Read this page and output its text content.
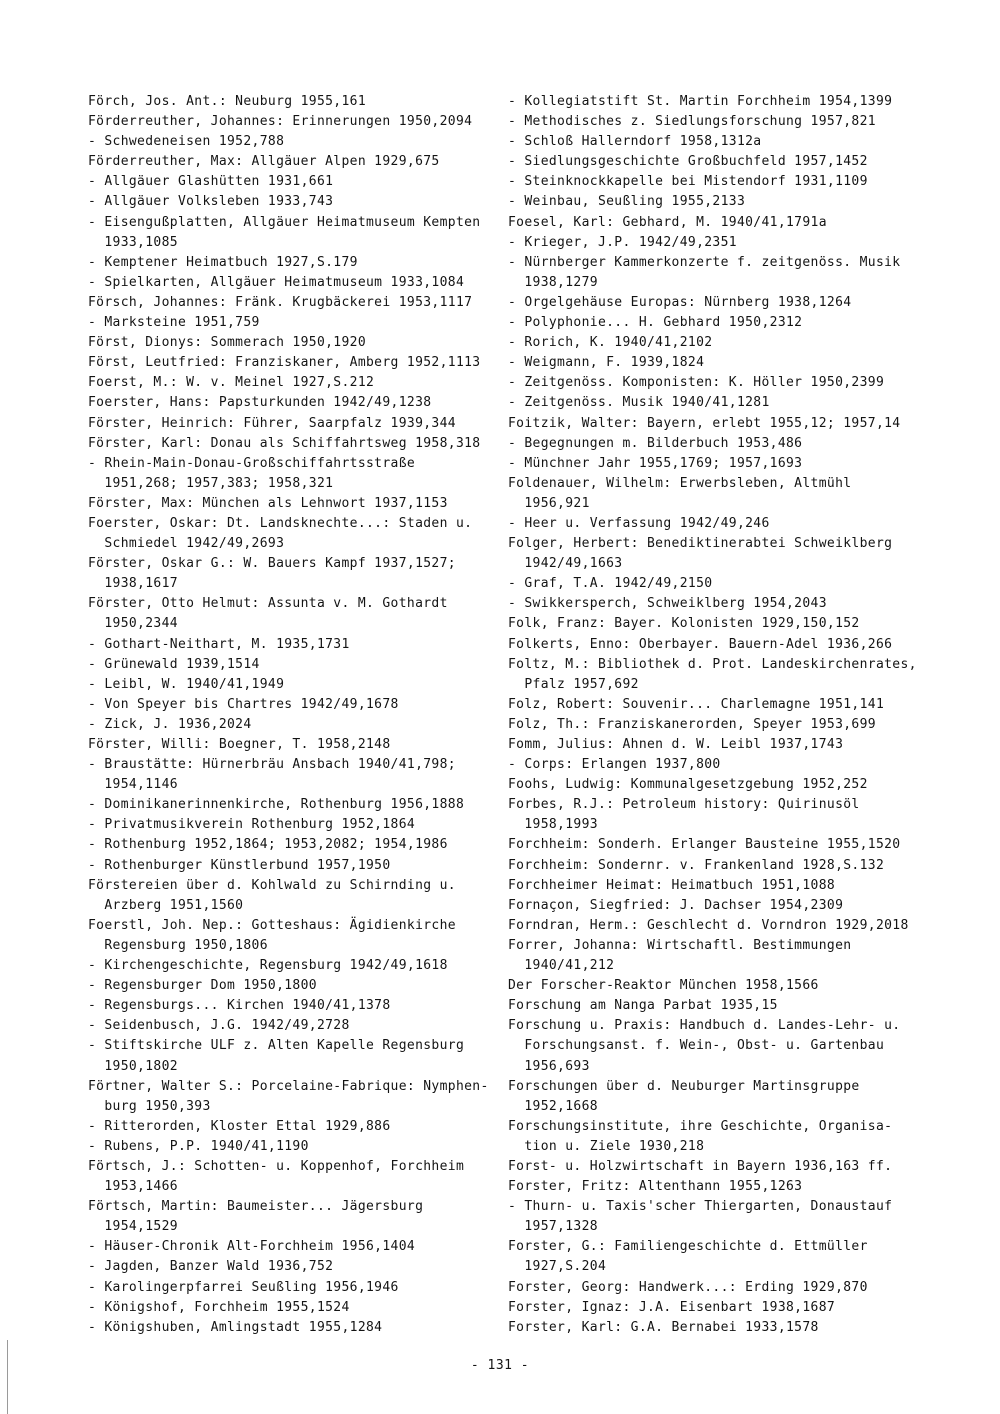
Förch, Jos. Ant.: Neuburg 1955,161
Förderreuther, Johannes: Erinnerungen 1950,2094
- Schwedeneisen 1952,788
Förderreuther, Max: Allgäuer Alpen 1929,675
- Allgäuer Glashütten 1931,661
- Allgäuer Volksleben 1933,743
- Eisengußplatten, Allgäuer Heimatmuseum Kempten
1933,1085
- Kemptener Heimatbuch 1927,S.179
- Spielkarten, Allgäuer Heimatmuseum 1933,1084
Försch, Johannes: Fränk. Krugbäckerei 1953,1117
- Marksteine 1951,759
Först, Dionys: Sommerach 1950,1920
Först, Leutfried: Franziskaner, Amberg 1952,1113
Foerst, M.: W. v. Meinel 1927,S.212
Foerster, Hans: Papsturkunden 1942/49,1238
Förster, Heinrich: Führer, Saarpfalz 1939,344
Förster, Karl: Donau als Schiffahrtsweg 1958,318
- Rhein-Main-Donau-Großschiffahrtsstraße
1951,268; 1957,383; 1958,321
Förster, Max: München als Lehnwort 1937,1153
Foerster, Oskar: Dt. Landsknechte...: Staden u.
Schmiedel 1942/49,2693
Förster, Oskar G.: W. Bauers Kampf 1937,1527;
1938,1617
Förster, Otto Helmut: Assunta v. M. Gothardt
1950,2344
- Gothart-Neithart, M. 1935,1731
- Grünewald 1939,1514
- Leibl, W. 1940/41,1949
- Von Speyer bis Chartres 1942/49,1678
- Zick, J. 1936,2024
Förster, Willi: Boegner, T. 1958,2148
- Braustätte: Hürnerbräu Ansbach 1940/41,798;
1954,1146
- Dominikanerinnenkirche, Rothenburg 1956,1888
- Privatmusikverein Rothenburg 1952,1864
- Rothenburg 1952,1864; 1953,2082; 1954,1986
- Rothenburger Künstlerbund 1957,1950
Förstereien über d. Kohlwald zu Schirnding u.
Arzberg 1951,1560
Foerstl, Joh. Nep.: Gotteshaus: Ägidienkirche
Regensburg 1950,1806
- Kirchengeschichte, Regensburg 1942/49,1618
- Regensburger Dom 1950,1800
- Regensburgs... Kirchen 1940/41,1378
- Seidenbusch, J.G. 1942/49,2728
- Stiftskirche ULF z. Alten Kapelle Regensburg
1950,1802
Förtner, Walter S.: Porcelaine-Fabrique: Nymphen-
burg 1950,393
- Ritterorden, Kloster Ettal 1929,886
- Rubens, P.P. 1940/41,1190
Förtsch, J.: Schotten- u. Koppenhof, Forchheim
1953,1466
Förtsch, Martin: Baumeister... Jägersburg
1954,1529
- Häuser-Chronik Alt-Forchheim 1956,1404
- Jagden, Banzer Wald 1936,752
- Karolingerpfarrei Seußling 1956,1946
- Königshof, Forchheim 1955,1524
- Königshuben, Amlingstadt 1955,1284
- Kollegiatstift St. Martin Forchheim 1954,1399
- Methodisches z. Siedlungsforschung 1957,821
- Schloß Hallerndorf 1958,1312a
- Siedlungsgeschichte Großbuchfeld 1957,1452
- Steinknockkapelle bei Mistendorf 1931,1109
- Weinbau, Seußling 1955,2133
Foesel, Karl: Gebhard, M. 1940/41,1791a
- Krieger, J.P. 1942/49,2351
- Nürnberger Kammerkonzerte f. zeitgenöss. Musik
1938,1279
- Orgelgehäuse Europas: Nürnberg 1938,1264
- Polyphonie... H. Gebhard 1950,2312
- Rorich, K. 1940/41,2102
- Weigmann, F. 1939,1824
- Zeitgenöss. Komponisten: K. Höller 1950,2399
- Zeitgenöss. Musik 1940/41,1281
Foitzik, Walter: Bayern, erlebt 1955,12; 1957,14
- Begegnungen m. Bilderbuch 1953,486
- Münchner Jahr 1955,1769; 1957,1693
Foldenauer, Wilhelm: Erwerbsleben, Altmühl
1956,921
- Heer u. Verfassung 1942/49,246
Folger, Herbert: Benediktinerabtei Schweiklberg
1942/49,1663
- Graf, T.A. 1942/49,2150
- Swikkersperch, Schweiklberg 1954,2043
Folk, Franz: Bayer. Kolonisten 1929,150,152
Folkerts, Enno: Oberbayer. Bauern-Adel 1936,266
Foltz, M.: Bibliothek d. Prot. Landeskirchenrates,
Pfalz 1957,692
Folz, Robert: Souvenir... Charlemagne 1951,141
Folz, Th.: Franziskanerorden, Speyer 1953,699
Fomm, Julius: Ahnen d. W. Leibl 1937,1743
- Corps: Erlangen 1937,800
Foohs, Ludwig: Kommunalgesetzgebung 1952,252
Forbes, R.J.: Petroleum history: Quirinusöl
1958,1993
Forchheim: Sonderh. Erlanger Bausteine 1955,1520
Forchheim: Sondernr. v. Frankenland 1928,S.132
Forchheimer Heimat: Heimatbuch 1951,1088
Fornaçon, Siegfried: J. Dachser 1954,2309
Forndran, Herm.: Geschlecht d. Vorndron 1929,2018
Forrer, Johanna: Wirtschaftl. Bestimmungen
1940/41,212
Der Forscher-Reaktor München 1958,1566
Forschung am Nanga Parbat 1935,15
Forschung u. Praxis: Handbuch d. Landes-Lehr- u.
Forschungsanst. f. Wein-, Obst- u. Gartenbau
1956,693
Forschungen über d. Neuburger Martinsgruppe
1952,1668
Forschungsinstitute, ihre Geschichte, Organisa-
tion u. Ziele 1930,218
Forst- u. Holzwirtschaft in Bayern 1936,163 ff.
Forster, Fritz: Altenthann 1955,1263
- Thurn- u. Taxis'scher Thiergarten, Donaustauf
1957,1328
Forster, G.: Familiengeschichte d. Ettmüller
1927,S.204
Forster, Georg: Handwerk...: Erding 1929,870
Forster, Ignaz: J.A. Eisenbart 1938,1687
Forster, Karl: G.A. Bernabei 1933,1578
- 131 -
